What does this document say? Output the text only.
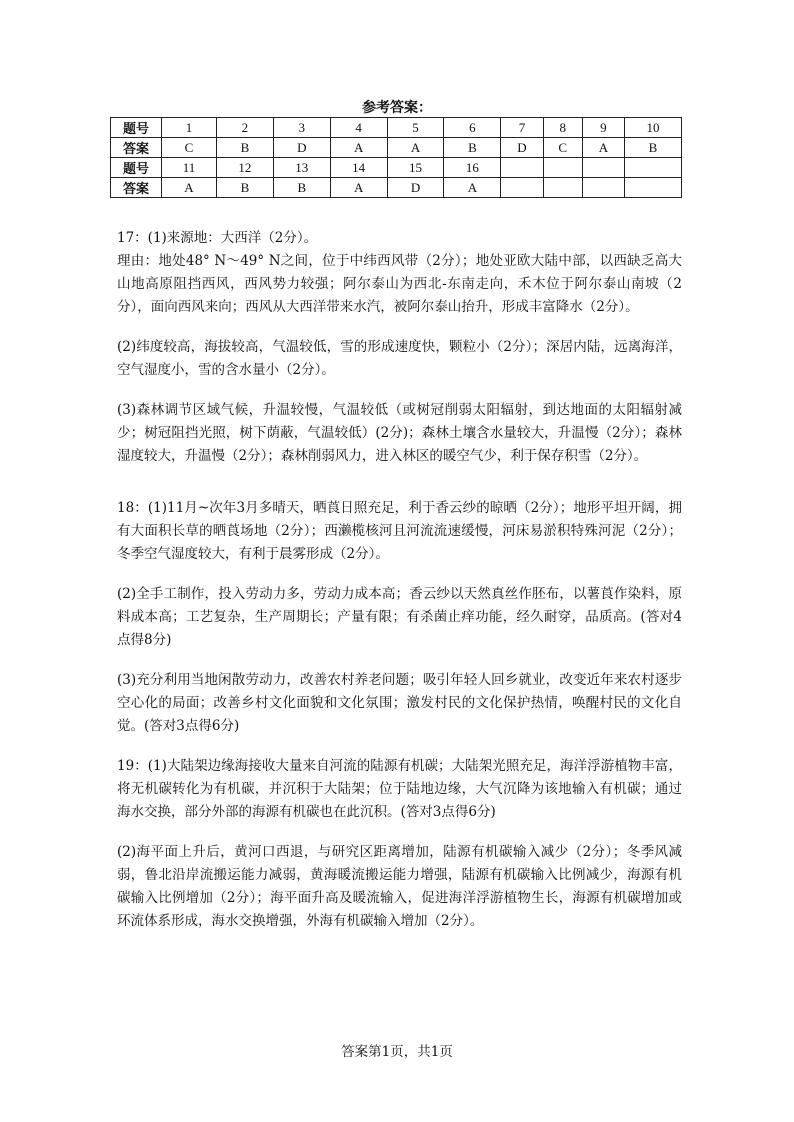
参考答案：
题号	1	2	3	4	5	6	7	8	9	10
答案	C	B	D	A	A	B	D	C	A	B
题号	11	12	13	14	15	16				
答案	A	B	B	A	D	A				

17：(1)来源地：大西洋（2分）。

理由：地处48° N～49° N之间，位于中纬西风带（2分）；地处亚欧大陆中部，以西缺乏高大山地高原阻挡西风，西风势力较强；阿尔泰山为西北-东南走向，禾木位于阿尔泰山南坡（2分），面向西风来向；西风从大西洋带来水汽，被阿尔泰山抬升，形成丰富降水（2分）。

(2)纬度较高，海拔较高，气温较低，雪的形成速度快，颗粒小（2分）；深居内陆，远离海洋，空气湿度小，雪的含水量小（2分）。

(3)森林调节区域气候，升温较慢，气温较低（或树冠削弱太阳辐射，到达地面的太阳辐射减少；树冠阻挡光照，树下荫蔽，气温较低）(2分)；森林土壤含水量较大，升温慢（2分）；森林湿度较大，升温慢（2分）；森林削弱风力，进入林区的暖空气少，利于保存积雪（2分）。

18：(1)11月~次年3月多晴天，晒莨日照充足，利于香云纱的晾晒（2分）；地形平坦开阔，拥有大面积长草的晒莨场地（2分）；西濑榄核河且河流流速缓慢，河床易淤积特殊河泥（2分）；冬季空气湿度较大，有利于晨雾形成（2分）。

(2)全手工制作，投入劳动力多，劳动力成本高；香云纱以天然真丝作胚布，以薯莨作染料，原料成本高；工艺复杂，生产周期长；产量有限；有杀菌止痒功能，经久耐穿，品质高。(答对4点得8分)

(3)充分利用当地闲散劳动力，改善农村养老问题；吸引年轻人回乡就业，改变近年来农村逐步空心化的局面；改善乡村文化面貌和文化氛围；激发村民的文化保护热情，唤醒村民的文化自觉。(答对3点得6分)

19：(1)大陆架边缘海接收大量来自河流的陆源有机碳；大陆架光照充足，海洋浮游植物丰富，将无机碳转化为有机碳，并沉积于大陆架；位于陆地边缘，大气沉降为该地输入有机碳；通过海水交换，部分外部的海源有机碳也在此沉积。(答对3点得6分)

(2)海平面上升后，黄河口西退，与研究区距离增加，陆源有机碳输入减少（2分）；冬季风减弱，鲁北沿岸流搬运能力减弱，黄海暖流搬运能力增强，陆源有机碳输入比例减少，海源有机碳输入比例增加（2分）；海平面升高及暖流输入，促进海洋浮游植物生长，海源有机碳增加或环流体系形成，海水交换增强，外海有机碳输入增加（2分）。

答案第1页，共1页
